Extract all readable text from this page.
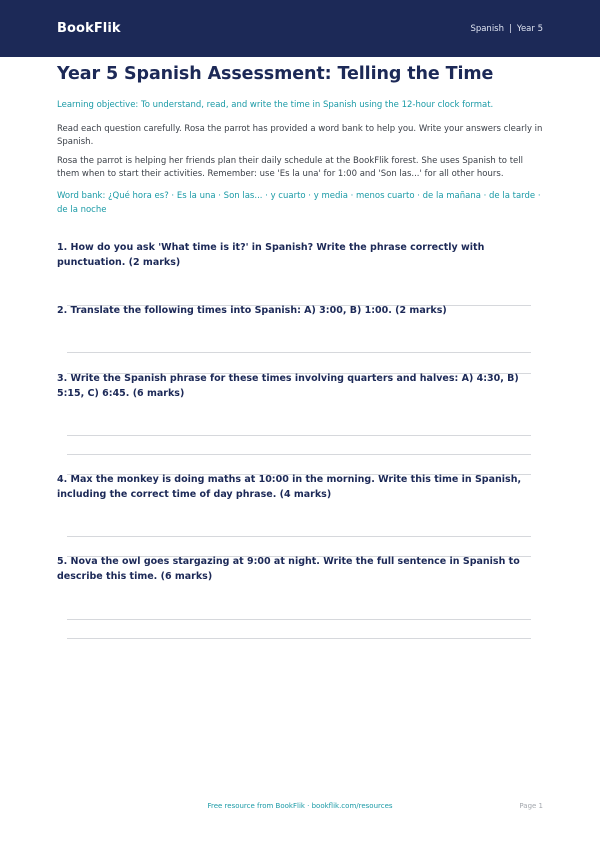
BookFlik	Spanish | Year 5
Year 5 Spanish Assessment: Telling the Time

Learning objective: To understand, read, and write the time in Spanish using the 12-hour clock format.

Read each question carefully. Rosa the parrot has provided a word bank to help you. Write your answers clearly in Spanish.

Rosa the parrot is helping her friends plan their daily schedule at the BookFlik forest. She uses Spanish to tell them when to start their activities. Remember: use 'Es la una' for 1:00 and 'Son las...' for all other hours.

Word bank: ¿Qué hora es? · Es la una · Son las... · y cuarto · y media · menos cuarto · de la mañana · de la tarde · de la noche

1. How do you ask 'What time is it?' in Spanish? Write the phrase correctly with punctuation. (2 marks)

2. Translate the following times into Spanish: A) 3:00, B) 1:00. (2 marks)

3. Write the Spanish phrase for these times involving quarters and halves: A) 4:30, B) 5:15, C) 6:45. (6 marks)

4. Max the monkey is doing maths at 10:00 in the morning. Write this time in Spanish, including the correct time of day phrase. (4 marks)

5. Nova the owl goes stargazing at 9:00 at night. Write the full sentence in Spanish to describe this time. (6 marks)

Free resource from BookFlik · bookflik.com/resources	Page 1
